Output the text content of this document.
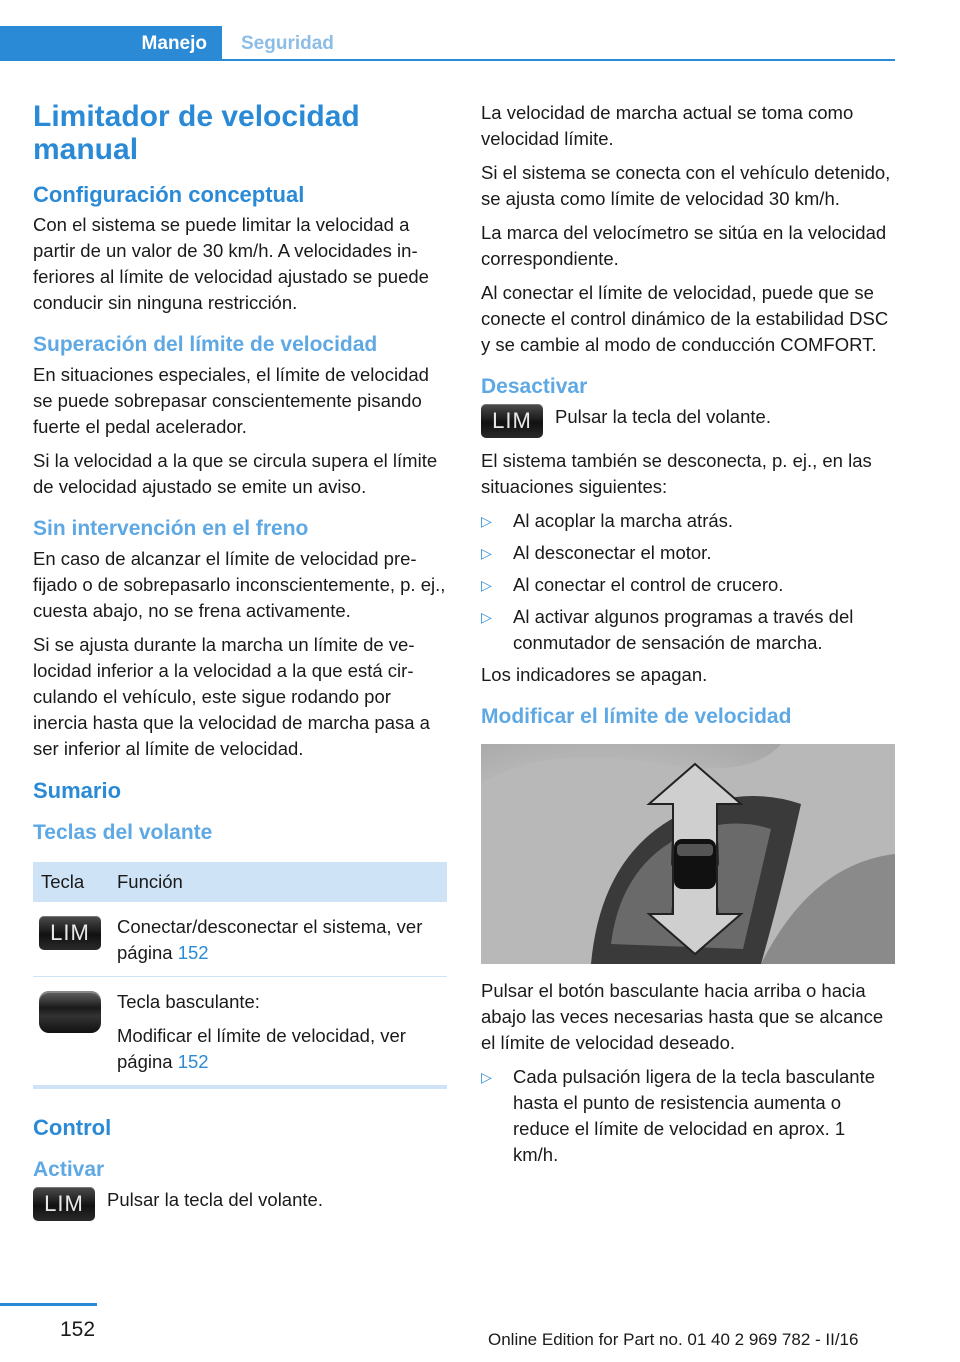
Manejo	Seguridad
Limitador de velocidad manual
Configuración conceptual

Con el sistema se puede limitar la velocidad a partir de un valor de 30 km/h. A velocidades inferiores al límite de velocidad ajustado se puede conducir sin ninguna restricción.

Superación del límite de velocidad

En situaciones especiales, el límite de velocidad se puede sobrepasar conscientemente pisando fuerte el pedal acelerador.

Si la velocidad a la que se circula supera el límite de velocidad ajustado se emite un aviso.

Sin intervención en el freno

En caso de alcanzar el límite de velocidad prefijado o de sobrepasarlo inconscientemente, p. ej., cuesta abajo, no se frena activamente.

Si se ajusta durante la marcha un límite de velocidad inferior a la velocidad a la que está circulando el vehículo, este sigue rodando por inercia hasta que la velocidad de marcha pasa a ser inferior al límite de velocidad.

Sumario
Teclas del volante
Tecla	Función
LIM	Conectar/desconectar el sistema, ver página 152

	Tecla basculante:
Modificar el límite de velocidad, ver página 152
Control
Activar
LIM	Pulsar la tecla del volante.

La velocidad de marcha actual se toma como velocidad límite.

Si el sistema se conecta con el vehículo detenido, se ajusta como límite de velocidad 30 km/h.

La marca del velocímetro se sitúa en la velocidad correspondiente.

Al conectar el límite de velocidad, puede que se conecte el control dinámico de la estabilidad DSC y se cambie al modo de conducción COMFORT.

Desactivar
LIM	Pulsar la tecla del volante.

El sistema también se desconecta, p. ej., en las situaciones siguientes:

▷	Al acoplar la marcha atrás.
▷	Al desconectar el motor.
▷	Al conectar el control de crucero.
▷	Al activar algunos programas a través del conmutador de sensación de marcha.

Los indicadores se apagan.

Modificar el límite de velocidad

Pulsar el botón basculante hacia arriba o hacia abajo las veces necesarias hasta que se alcance el límite de velocidad deseado.

▷	Cada pulsación ligera de la tecla basculante hasta el punto de resistencia aumenta o reduce el límite de velocidad en aprox. 1 km/h.
152	Online Edition for Part no. 01 40 2 969 782 - II/16
